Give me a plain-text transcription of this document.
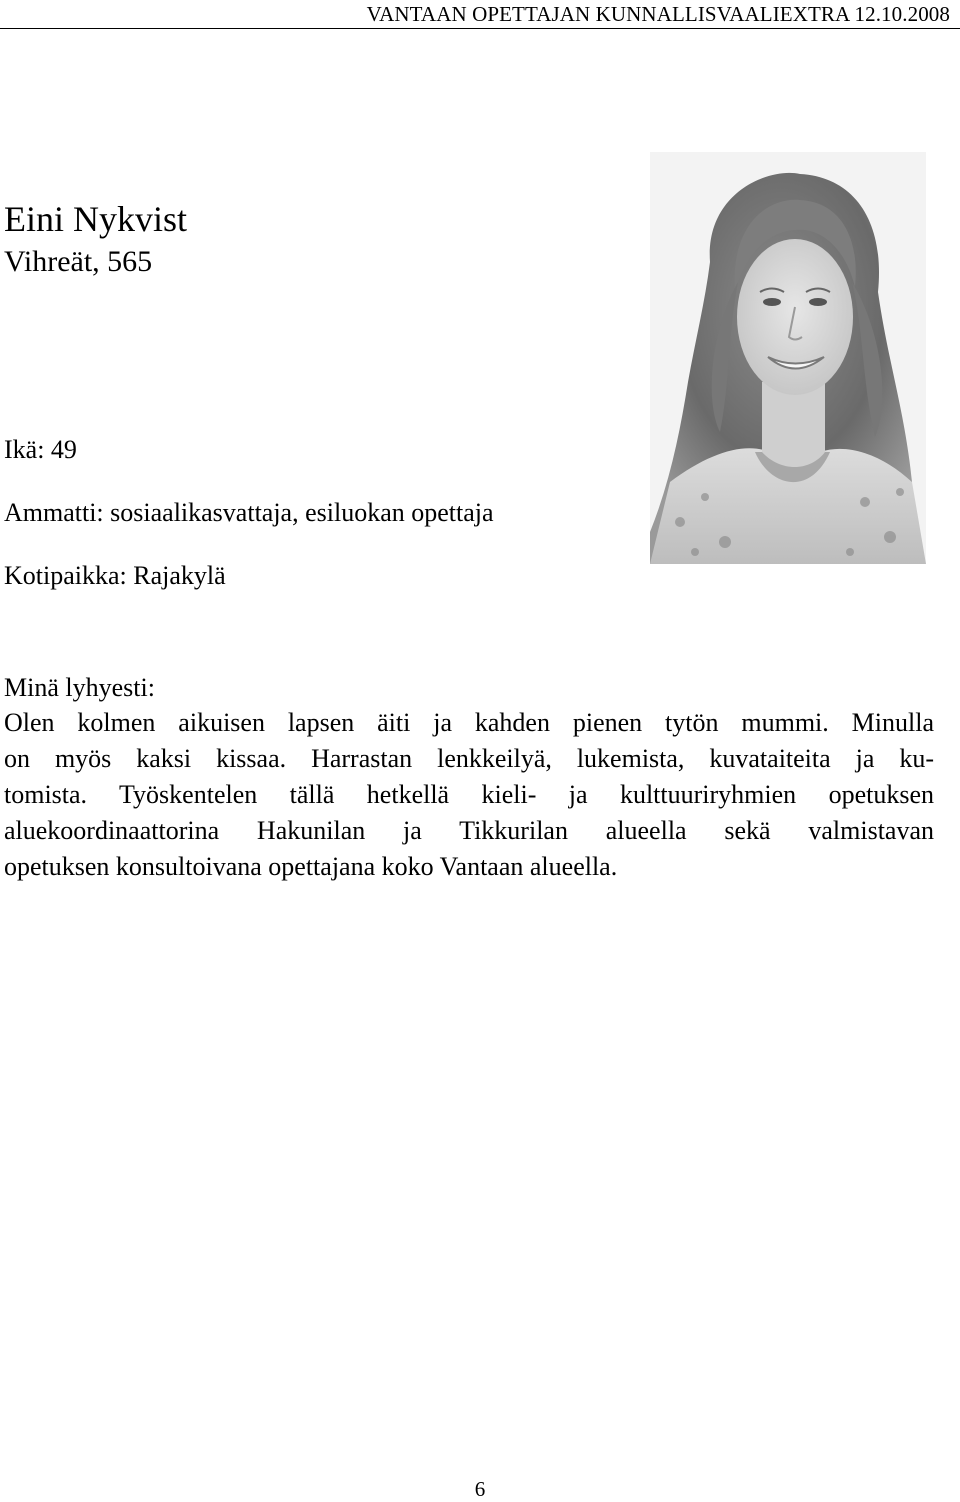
VANTAAN OPETTAJAN KUNNALLISVAALIEXTRA 12.10.2008
Eini Nykvist
Vihreät, 565
Ikä: 49
Ammatti: sosiaalikasvattaja, esiluokan opettaja
Kotipaikka: Rajakylä
Minä lyhyesti:
Olen kolmen aikuisen lapsen äiti ja kahden pienen tytön mummi. Minulla
on myös kaksi kissaa. Harrastan lenkkeilyä, lukemista, kuvataiteita ja ku-
tomista. Työskentelen tällä hetkellä kieli- ja kulttuuriryhmien opetuksen
aluekoordinaattorina Hakunilan ja Tikkurilan alueella sekä valmistavan
opetuksen konsultoivana opettajana koko Vantaan alueella.
6
